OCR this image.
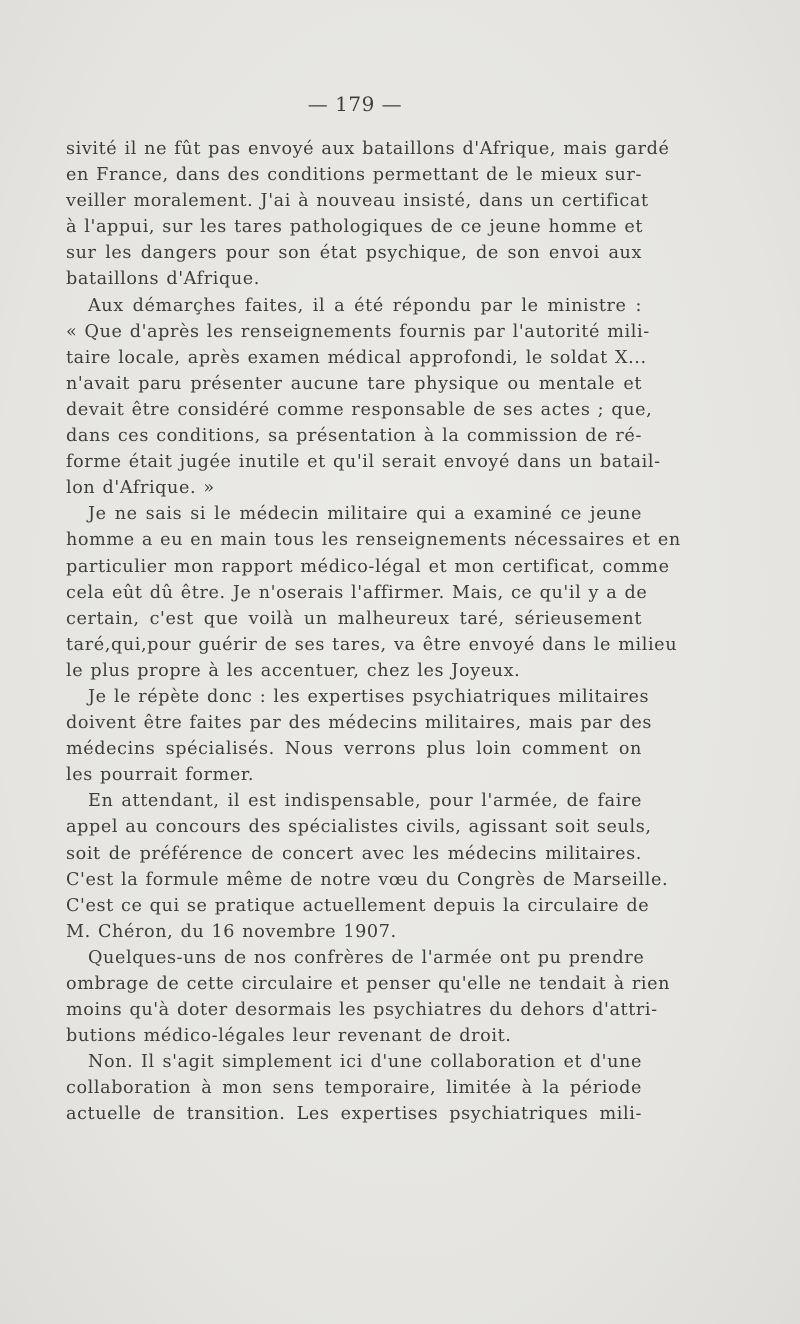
— 179 —
sivité il ne fût pas envoyé aux bataillons d'Afrique, mais gardé
en France, dans des conditions permettant de le mieux sur-
veiller moralement. J'ai à nouveau insisté, dans un certificat
à l'appui, sur les tares pathologiques de ce jeune homme et
sur les dangers pour son état psychique, de son envoi aux
bataillons d'Afrique.
Aux démarçhes faites, il a été répondu par le ministre :
« Que d'après les renseignements fournis par l'autorité mili-
taire locale, après examen médical approfondi, le soldat X...
n'avait paru présenter aucune tare physique ou mentale et
devait être considéré comme responsable de ses actes ; que,
dans ces conditions, sa présentation à la commission de ré-
forme était jugée inutile et qu'il serait envoyé dans un batail-
lon d'Afrique. »
Je ne sais si le médecin militaire qui a examiné ce jeune
homme a eu en main tous les renseignements nécessaires et en
particulier mon rapport médico-légal et mon certificat, comme
cela eût dû être. Je n'oserais l'affirmer. Mais, ce qu'il y a de
certain, c'est que voilà un malheureux taré, sérieusement
taré,qui,pour guérir de ses tares, va être envoyé dans le milieu
le plus propre à les accentuer, chez les Joyeux.
Je le répète donc : les expertises psychiatriques militaires
doivent être faites par des médecins militaires, mais par des
médecins spécialisés. Nous verrons plus loin comment on
les pourrait former.
En attendant, il est indispensable, pour l'armée, de faire
appel au concours des spécialistes civils, agissant soit seuls,
soit de préférence de concert avec les médecins militaires.
C'est la formule même de notre vœu du Congrès de Marseille.
C'est ce qui se pratique actuellement depuis la circulaire de
M. Chéron, du 16 novembre 1907.
Quelques-uns de nos confrères de l'armée ont pu prendre
ombrage de cette circulaire et penser qu'elle ne tendait à rien
moins qu'à doter desormais les psychiatres du dehors d'attri-
butions médico-légales leur revenant de droit.
Non. Il s'agit simplement ici d'une collaboration et d'une
collaboration à mon sens temporaire, limitée à la période
actuelle de transition. Les expertises psychiatriques mili-
